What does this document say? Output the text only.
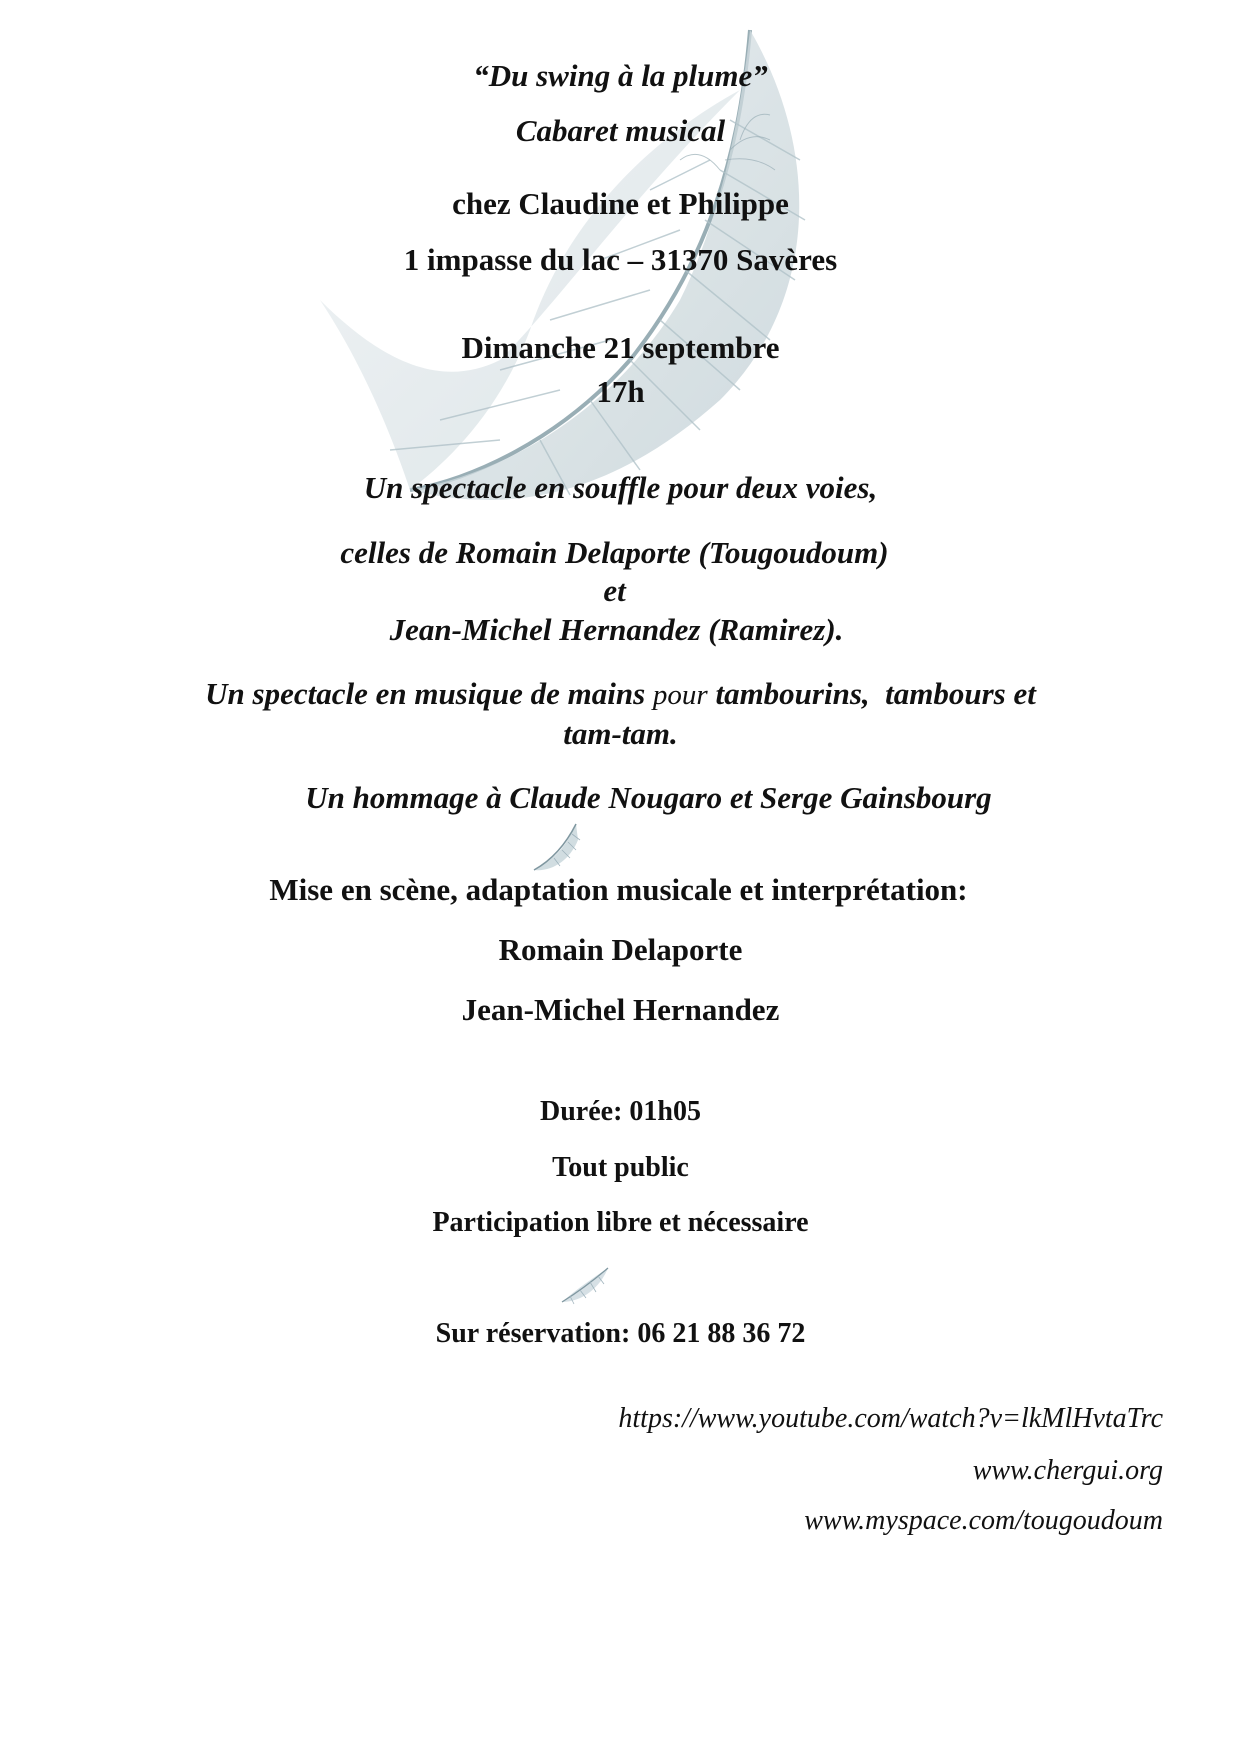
“Du swing à la plume”
Cabaret musical
chez Claudine et Philippe
1 impasse du lac – 31370 Savères
Dimanche 21 septembre
17h
Un spectacle en souffle pour deux voies,
celles de Romain Delaporte (Tougoudoum)
et
Jean-Michel Hernandez (Ramirez).
Un spectacle en musique de mains pour tambourins,  tambours et
tam-tam.
Un hommage à Claude Nougaro et Serge Gainsbourg
Mise en scène, adaptation musicale et interprétation:
Romain Delaporte
Jean-Michel Hernandez
Durée: 01h05
Tout public
Participation libre et nécessaire
Sur réservation: 06 21 88 36 72
https://www.youtube.com/watch?v=lkMlHvtaTrc
www.chergui.org
www.myspace.com/tougoudoum
